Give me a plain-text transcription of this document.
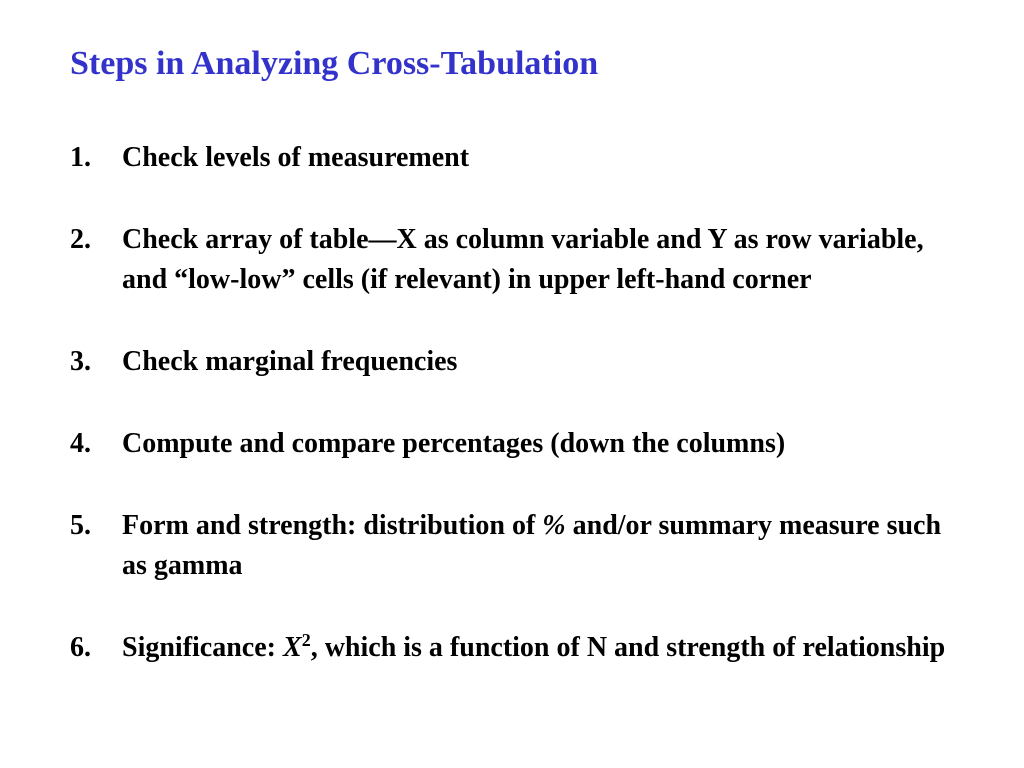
Steps in Analyzing Cross-Tabulation
1. Check levels of measurement
2. Check array of table—X as column variable and Y as row variable, and “low-low” cells (if relevant) in upper left-hand corner
3. Check marginal frequencies
4. Compute and compare percentages (down the columns)
5. Form and strength: distribution of % and/or summary measure such as gamma
6. Significance: $X^2$, which is a function of N and strength of relationship
